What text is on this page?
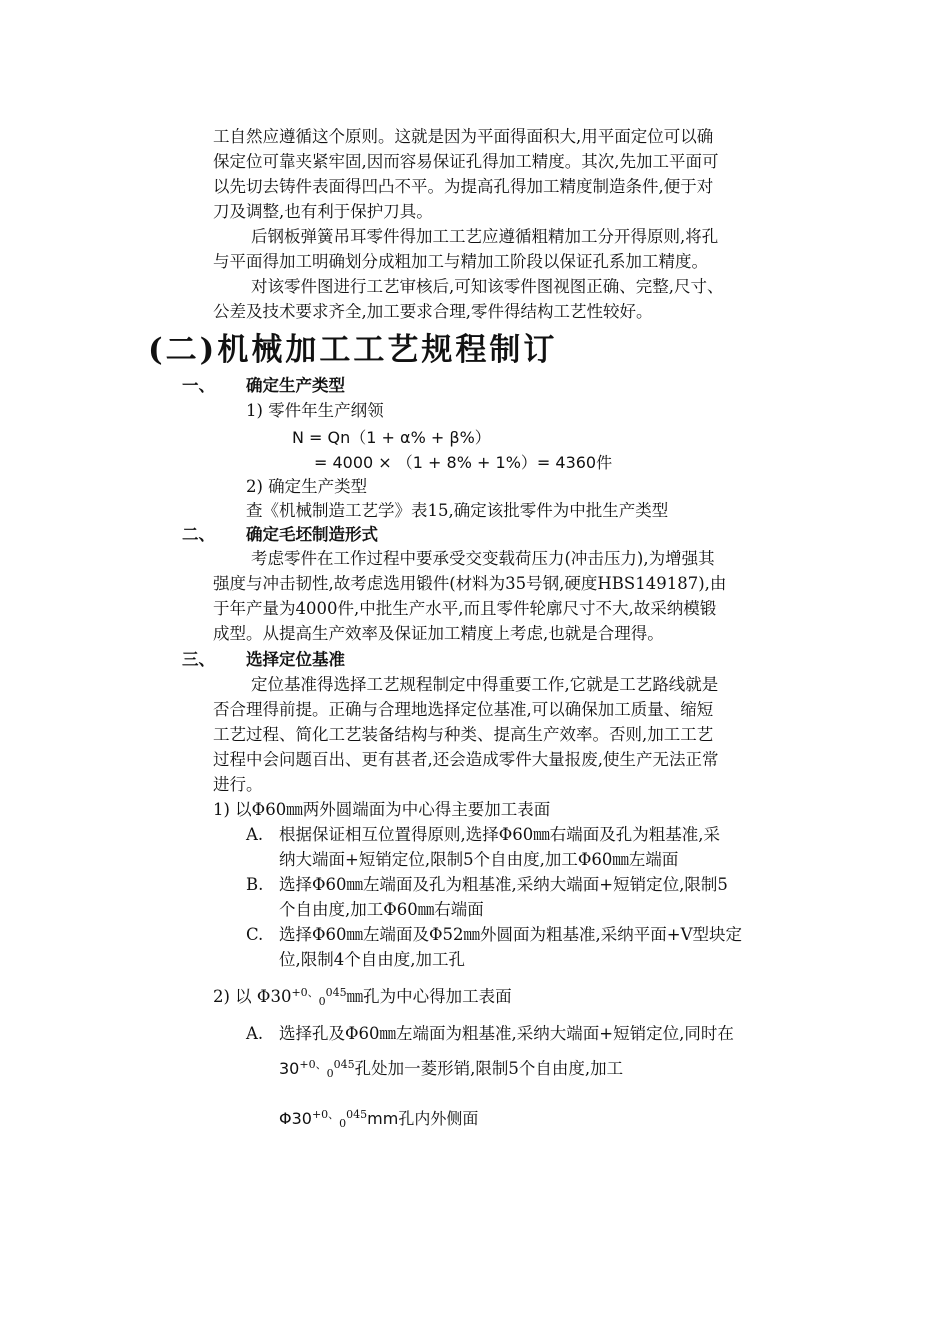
工自然应遵循这个原则。这就是因为平面得面积大,用平面定位可以确
保定位可靠夹紧牢固,因而容易保证孔得加工精度。其次,先加工平面可
以先切去铸件表面得凹凸不平。为提高孔得加工精度制造条件,便于对
刀及调整,也有利于保护刀具。
后钢板弹簧吊耳零件得加工工艺应遵循粗精加工分开得原则,将孔
与平面得加工明确划分成粗加工与精加工阶段以保证孔系加工精度。
对该零件图进行工艺审核后,可知该零件图视图正确、完整,尺寸、
公差及技术要求齐全,加工要求合理,零件得结构工艺性较好。
(二)机械加工工艺规程制订
一、 确定生产类型
1) 零件年生产纲领
N = Qn（1 + α% + β%）
= 4000 × （1 + 8% + 1%）= 4360件
2) 确定生产类型
查《机械制造工艺学》表15,确定该批零件为中批生产类型
二、 确定毛坯制造形式
考虑零件在工作过程中要承受交变载荷压力(冲击压力),为增强其
强度与冲击韧性,故考虑选用锻件(材料为35号钢,硬度HBS149187),由
于年产量为4000件,中批生产水平,而且零件轮廓尺寸不大,故采纳模锻
成型。从提高生产效率及保证加工精度上考虑,也就是合理得。
三、 选择定位基准
定位基准得选择工艺规程制定中得重要工作,它就是工艺路线就是
否合理得前提。正确与合理地选择定位基准,可以确保加工质量、缩短
工艺过程、简化工艺装备结构与种类、提高生产效率。否则,加工工艺
过程中会问题百出、更有甚者,还会造成零件大量报废,使生产无法正常
进行。
1) 以Φ60㎜两外圆端面为中心得主要加工表面
A. 根据保证相互位置得原则,选择Φ60㎜右端面及孔为粗基准,采
纳大端面+短销定位,限制5个自由度,加工Φ60㎜左端面
B. 选择Φ60㎜左端面及孔为粗基准,采纳大端面+短销定位,限制5
个自由度,加工Φ60㎜右端面
C. 选择Φ60㎜左端面及Φ52㎜外圆面为粗基准,采纳平面+V型块定
位,限制4个自由度,加工孔
2) 以 $\Phi 30^{+0、}_0^{045}㎜$孔为中心得加工表面
A. 选择孔及Φ60㎜左端面为粗基准,采纳大端面+短销定位,同时在
$30^{+0、}_0^{045}$孔处加一菱形销,限制5个自由度,加工
$\Phi 30^{+0、}_0^{045}mm$孔内外侧面
